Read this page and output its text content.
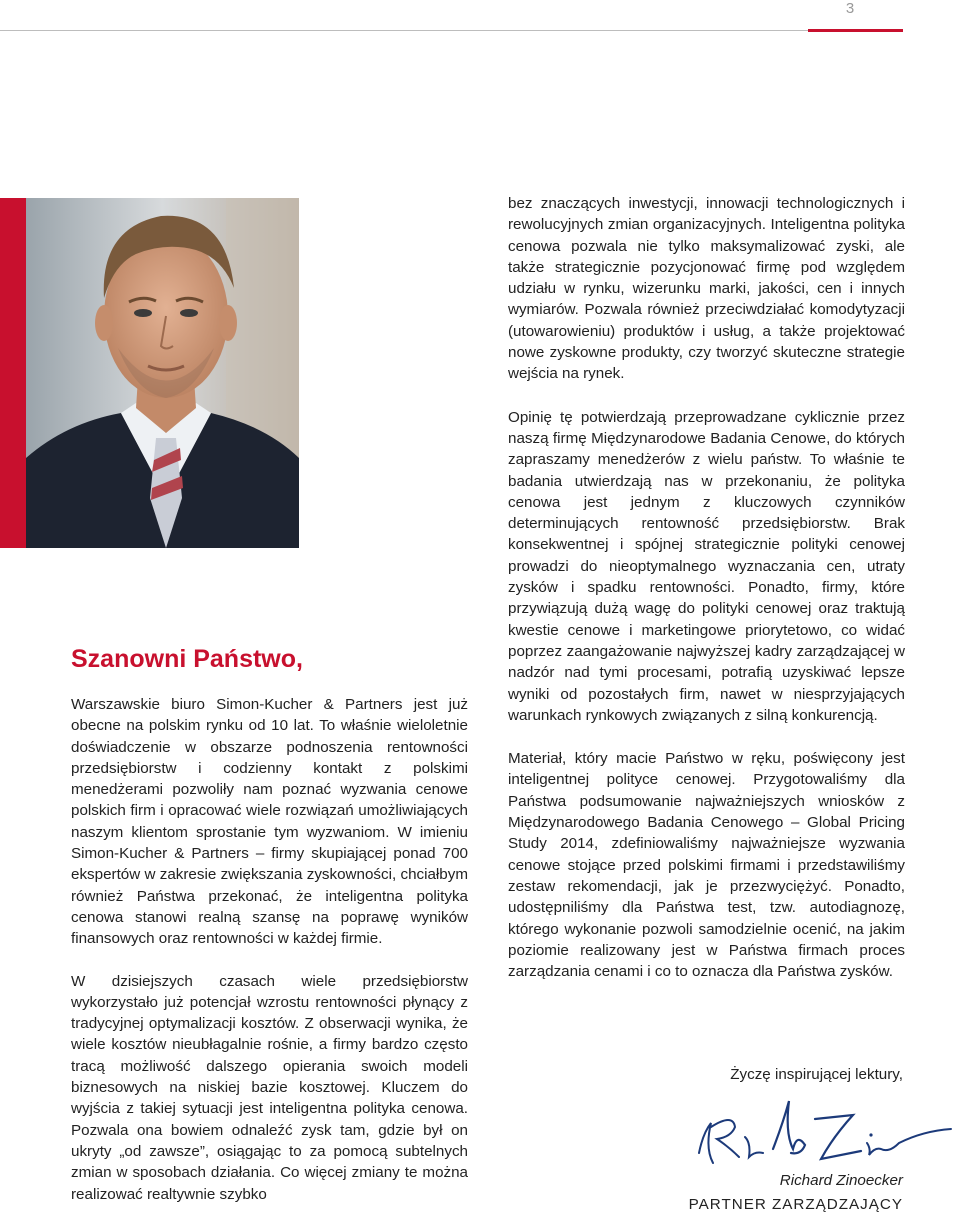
3
Szanowni Państwo,

Warszawskie biuro Simon-Kucher & Partners jest już obecne na polskim rynku od 10 lat. To właśnie wieloletnie doświadczenie w obszarze podnoszenia rentowności przedsiębiorstw i codzienny kontakt z polskimi menedżerami pozwoliły nam poznać wyzwania cenowe polskich firm i opracować wiele rozwiązań umożliwiających naszym klientom sprostanie tym wyzwaniom. W imieniu Simon-Kucher & Partners – firmy skupiającej ponad 700 ekspertów w zakresie zwiększania zyskowności, chciałbym również Państwa przekonać, że inteligentna polityka cenowa stanowi realną szansę na poprawę wyników finansowych oraz rentowności w każdej firmie.

W dzisiejszych czasach wiele przedsiębiorstw wykorzystało już potencjał wzrostu rentowności płynący z tradycyjnej optymalizacji kosztów. Z obserwacji wynika, że wiele kosztów nieubłagalnie rośnie, a firmy bardzo często tracą możliwość dalszego opierania swoich modeli biznesowych na niskiej bazie kosztowej. Kluczem do wyjścia z takiej sytuacji jest inteligentna polityka cenowa. Pozwala ona bowiem odnaleźć zysk tam, gdzie był on ukryty „od zawsze”, osiągając to za pomocą subtelnych zmian w sposobach działania. Co więcej zmiany te można realizować realtywnie szybko

bez znaczących inwestycji, innowacji technologicznych i rewolucyjnych zmian organizacyjnych. Inteligentna polityka cenowa pozwala nie tylko maksymalizować zyski, ale także strategicznie pozycjonować firmę pod względem udziału w rynku, wizerunku marki, jakości, cen i innych wymiarów. Pozwala również przeciwdziałać komodytyzacji (utowarowieniu) produktów i usług, a także projektować nowe zyskowne produkty, czy tworzyć skuteczne strategie wejścia na rynek.

Opinię tę potwierdzają przeprowadzane cyklicznie przez naszą firmę Międzynarodowe Badania Cenowe, do których zapraszamy menedżerów z wielu państw. To właśnie te badania utwierdzają nas w przekonaniu, że polityka cenowa jest jednym z kluczowych czynników determinujących rentowność przedsiębiorstw. Brak konsekwentnej i spójnej strategicznie polityki cenowej prowadzi do nieoptymalnego wyznaczania cen, utraty zysków i spadku rentowności. Ponadto, firmy, które przywiązują dużą wagę do polityki cenowej oraz traktują kwestie cenowe i marketingowe priorytetowo, co widać poprzez zaangażowanie najwyższej kadry zarządzającej w nadzór nad tymi procesami, potrafią uzyskiwać lepsze wyniki od pozostałych firm, nawet w niesprzyjających warunkach rynkowych związanych z silną konkurencją.

Materiał, który macie Państwo w ręku, poświęcony jest inteligentnej polityce cenowej. Przygotowaliśmy dla Państwa podsumowanie najważniejszych wniosków z Międzynarodowego Badania Cenowego – Global Pricing Study 2014, zdefiniowaliśmy najważniejsze wyzwania cenowe stojące przed polskimi firmami i przedstawiliśmy zestaw rekomendacji, jak je przezwyciężyć. Ponadto, udostępniliśmy dla Państwa test, tzw. autodiagnozę, którego wykonanie pozwoli samodzielnie ocenić, na jakim poziomie realizowany jest w Państwa firmach proces zarządzania cenami i co to oznacza dla Państwa zysków.

Życzę inspirującej lektury,
Richard Zinoecker
PARTNER ZARZĄDZAJĄCY
